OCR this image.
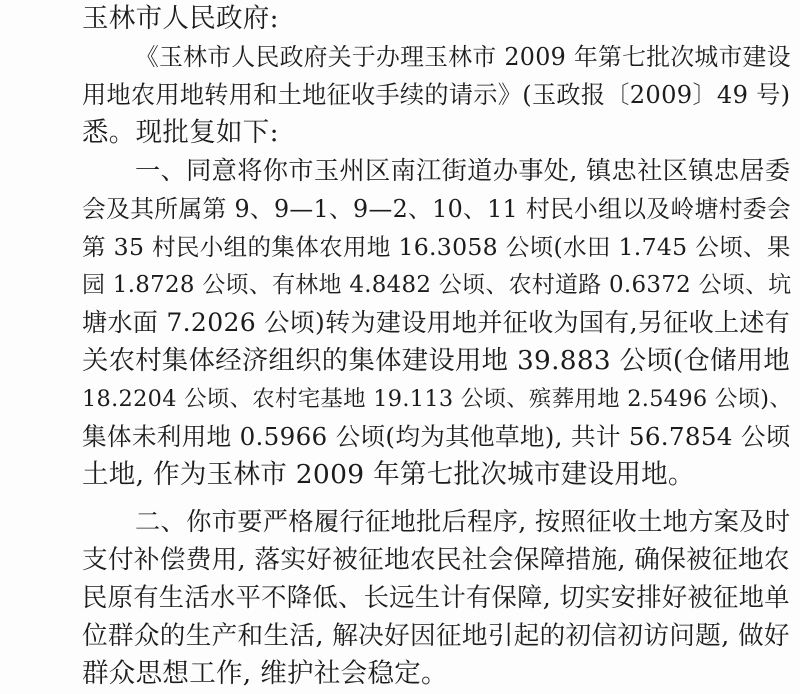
玉林市人民政府:
《玉林市人民政府关于办理玉林市 2009 年第七批次城市建设
用地农用地转用和土地征收手续的请示》(玉政报〔2009〕49 号)
悉。现批复如下:
一、同意将你市玉州区南江街道办事处, 镇忠社区镇忠居委
会及其所属第 9、9—1、9—2、10、11 村民小组以及岭塘村委会
第 35 村民小组的集体农用地 16.3058 公顷(水田 1.745 公顷、果
园 1.8728 公顷、有林地 4.8482 公顷、农村道路 0.6372 公顷、坑
塘水面 7.2026 公顷)转为建设用地并征收为国有,另征收上述有
关农村集体经济组织的集体建设用地 39.883 公顷(仓储用地
18.2204 公顷、农村宅基地 19.113 公顷、殡葬用地 2.5496 公顷)、
集体未利用地 0.5966 公顷(均为其他草地), 共计 56.7854 公顷
土地, 作为玉林市 2009 年第七批次城市建设用地。
二、你市要严格履行征地批后程序, 按照征收土地方案及时
支付补偿费用, 落实好被征地农民社会保障措施, 确保被征地农
民原有生活水平不降低、长远生计有保障, 切实安排好被征地单
位群众的生产和生活, 解决好因征地引起的初信初访问题, 做好
群众思想工作, 维护社会稳定。
